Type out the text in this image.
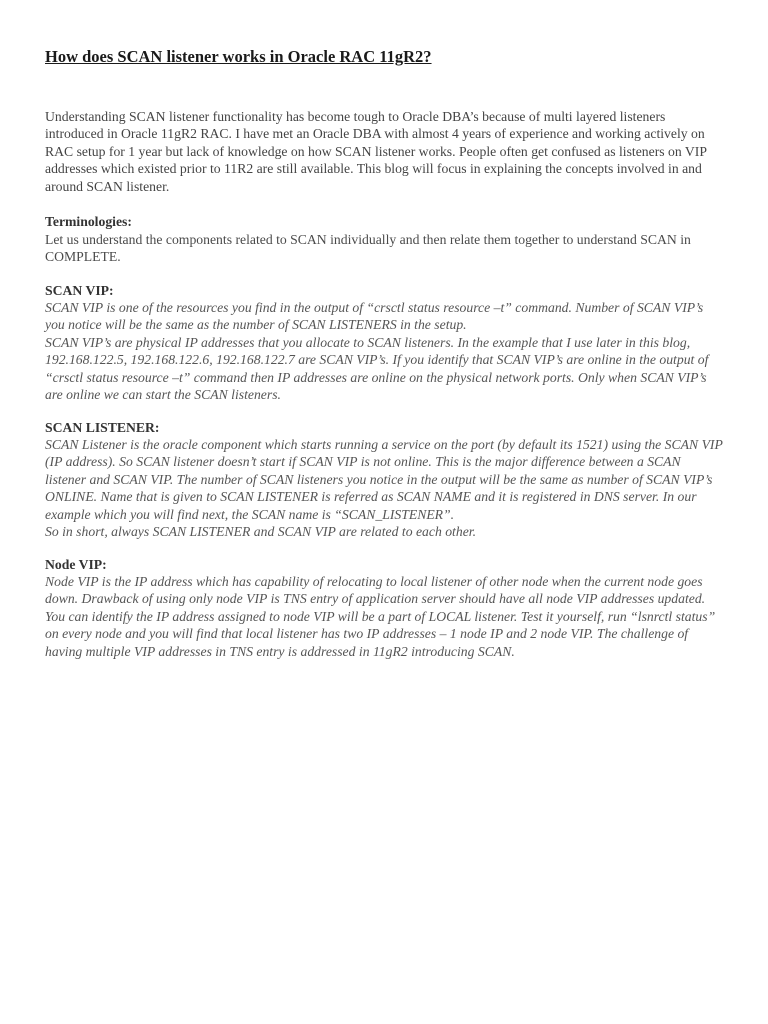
How does SCAN listener works in Oracle RAC 11gR2?

Understanding SCAN listener functionality has become tough to Oracle DBA’s because of multi layered listeners introduced in Oracle 11gR2 RAC. I have met an Oracle DBA with almost 4 years of experience and working actively on RAC setup for 1 year but lack of knowledge on how SCAN listener works. People often get confused as listeners on VIP addresses which existed prior to 11R2 are still available. This blog will focus in explaining the concepts involved in and around SCAN listener.

Terminologies:

Let us understand the components related to SCAN individually and then relate them together to understand SCAN in COMPLETE.

SCAN VIP:

SCAN VIP is one of the resources you find in the output of “crsctl status resource –t” command. Number of SCAN VIP’s you notice will be the same as the number of SCAN LISTENERS in the setup.
SCAN VIP’s are physical IP addresses that you allocate to SCAN listeners. In the example that I use later in this blog, 192.168.122.5, 192.168.122.6, 192.168.122.7 are SCAN VIP’s. If you identify that SCAN VIP’s are online in the output of “crsctl status resource –t” command then IP addresses are online on the physical network ports. Only when SCAN VIP’s are online we can start the SCAN listeners.

SCAN LISTENER:

SCAN Listener is the oracle component which starts running a service on the port (by default its 1521) using the SCAN VIP (IP address). So SCAN listener doesn’t start if SCAN VIP is not online. This is the major difference between a SCAN listener and SCAN VIP. The number of SCAN listeners you notice in the output will be the same as number of SCAN VIP’s ONLINE. Name that is given to SCAN LISTENER is referred as SCAN NAME and it is registered in DNS server. In our example which you will find next, the SCAN name is “SCAN_LISTENER”.
So in short, always SCAN LISTENER and SCAN VIP are related to each other.

Node VIP:

Node VIP is the IP address which has capability of relocating to local listener of other node when the current node goes down. Drawback of using only node VIP is TNS entry of application server should have all node VIP addresses updated. You can identify the IP address assigned to node VIP will be a part of LOCAL listener. Test it yourself, run “lsnrctl status” on every node and you will find that local listener has two IP addresses – 1 node IP and 2 node VIP. The challenge of having multiple VIP addresses in TNS entry is addressed in 11gR2 introducing SCAN.
